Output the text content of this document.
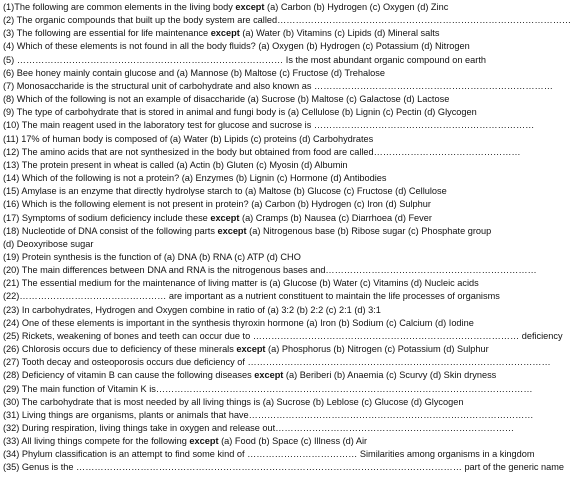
(1)The following are common elements in the living body except (a) Carbon (b) Hydrogen (c) Oxygen (d) Zinc
(2) The organic compounds that built up the body system are called……………………………………………………………………………………
(3) The following are essential for life maintenance except (a) Water (b) Vitamins (c) Lipids (d) Mineral salts
(4) Which of these elements is not found in all the body fluids? (a) Oxygen (b) Hydrogen (c) Potassium (d) Nitrogen
(5) …………………………………………………………………………… Is the most abundant organic compound on earth
(6) Bee honey mainly contain glucose and (a) Mannose (b) Maltose (c) Fructose (d) Trehalose
(7) Monosaccharide is the structural unit of carbohydrate and also known as ……………………………………………………………………
(8) Which of the following is not an example of disaccharide (a) Sucrose (b) Maltose (c) Galactose (d) Lactose
(9) The type of carbohydrate that is stored in animal and fungi body is (a) Cellulose (b) Lignin (c) Pectin (d) Glycogen
(10) The main reagent used in the laboratory test for glucose and sucrose is ………………………………………………………………
(11) 17% of human body is composed of (a) Water (b) Lipids (c) proteins (d) Carbohydrates
(12) The amino acids that are not synthesized in the body but obtained from food are called…………………………………………
(13) The protein present in wheat is called (a) Actin (b) Gluten (c) Myosin (d) Albumin
(14) Which of the following is not a protein? (a) Enzymes (b) Lignin (c) Hormone (d) Antibodies
(15) Amylase is an enzyme that directly hydrolyse starch to (a) Maltose (b) Glucose (c) Fructose (d) Cellulose
(16) Which is the following element is not present in protein? (a) Carbon (b) Hydrogen (c) Iron (d) Sulphur
(17) Symptoms of sodium deficiency include these except (a) Cramps (b) Nausea (c) Diarrhoea (d) Fever
(18) Nucleotide of DNA consist of the following parts except (a) Nitrogenous base (b) Ribose sugar (c) Phosphate group
(d) Deoxyribose sugar
(19) Protein synthesis is the function of (a) DNA (b) RNA (c) ATP (d) CHO
(20) The main differences between DNA and RNA is the nitrogenous bases and……………………………………………………………
(21) The essential medium for the maintenance of living matter is (a) Glucose (b) Water (c) Vitamins (d) Nucleic acids
(22)………………………………………… are important as a nutrient constituent to maintain the life processes of organisms
(23) In carbohydrates, Hydrogen and Oxygen combine in ratio of (a) 3:2 (b) 2:2 (c) 2:1 (d) 3:1
(24) One of these elements is important in the synthesis thyroxin hormone (a) Iron (b) Sodium (c) Calcium (d) Iodine
(25) Rickets, weakening of bones and teeth can occur due to …………………………………………………………………………… deficiency
(26) Chlorosis occurs due to deficiency of these minerals except (a) Phosphorus (b) Nitrogen (c) Potassium (d) Sulphur
(27) Tooth decay and osteoporosis occurs due deficiency of ………………………………………………………………………………………
(28) Deficiency of vitamin B can cause the following diseases except (a) Beriberi (b) Anaemia (c) Scurvy (d) Skin dryness
(29) The main function of Vitamin K is……………………………………………………………………………………………………………
(30) The carbohydrate that is most needed by all living things is (a) Sucrose (b) Leblose (c) Glucose (d) Glycogen
(31) Living things are organisms, plants or animals that have…………………………………………………………………………………
(32) During respiration, living things take in oxygen and release out……………………………………………………………………
(33) All living things compete for the following except (a) Food (b) Space (c) Illness (d) Air
(34) Phylum classification is an attempt to find some kind of ……………………………… Similarities among organisms in a kingdom
(35) Genus is the ……………………………………………………………………………………………………………… part of the generic name
